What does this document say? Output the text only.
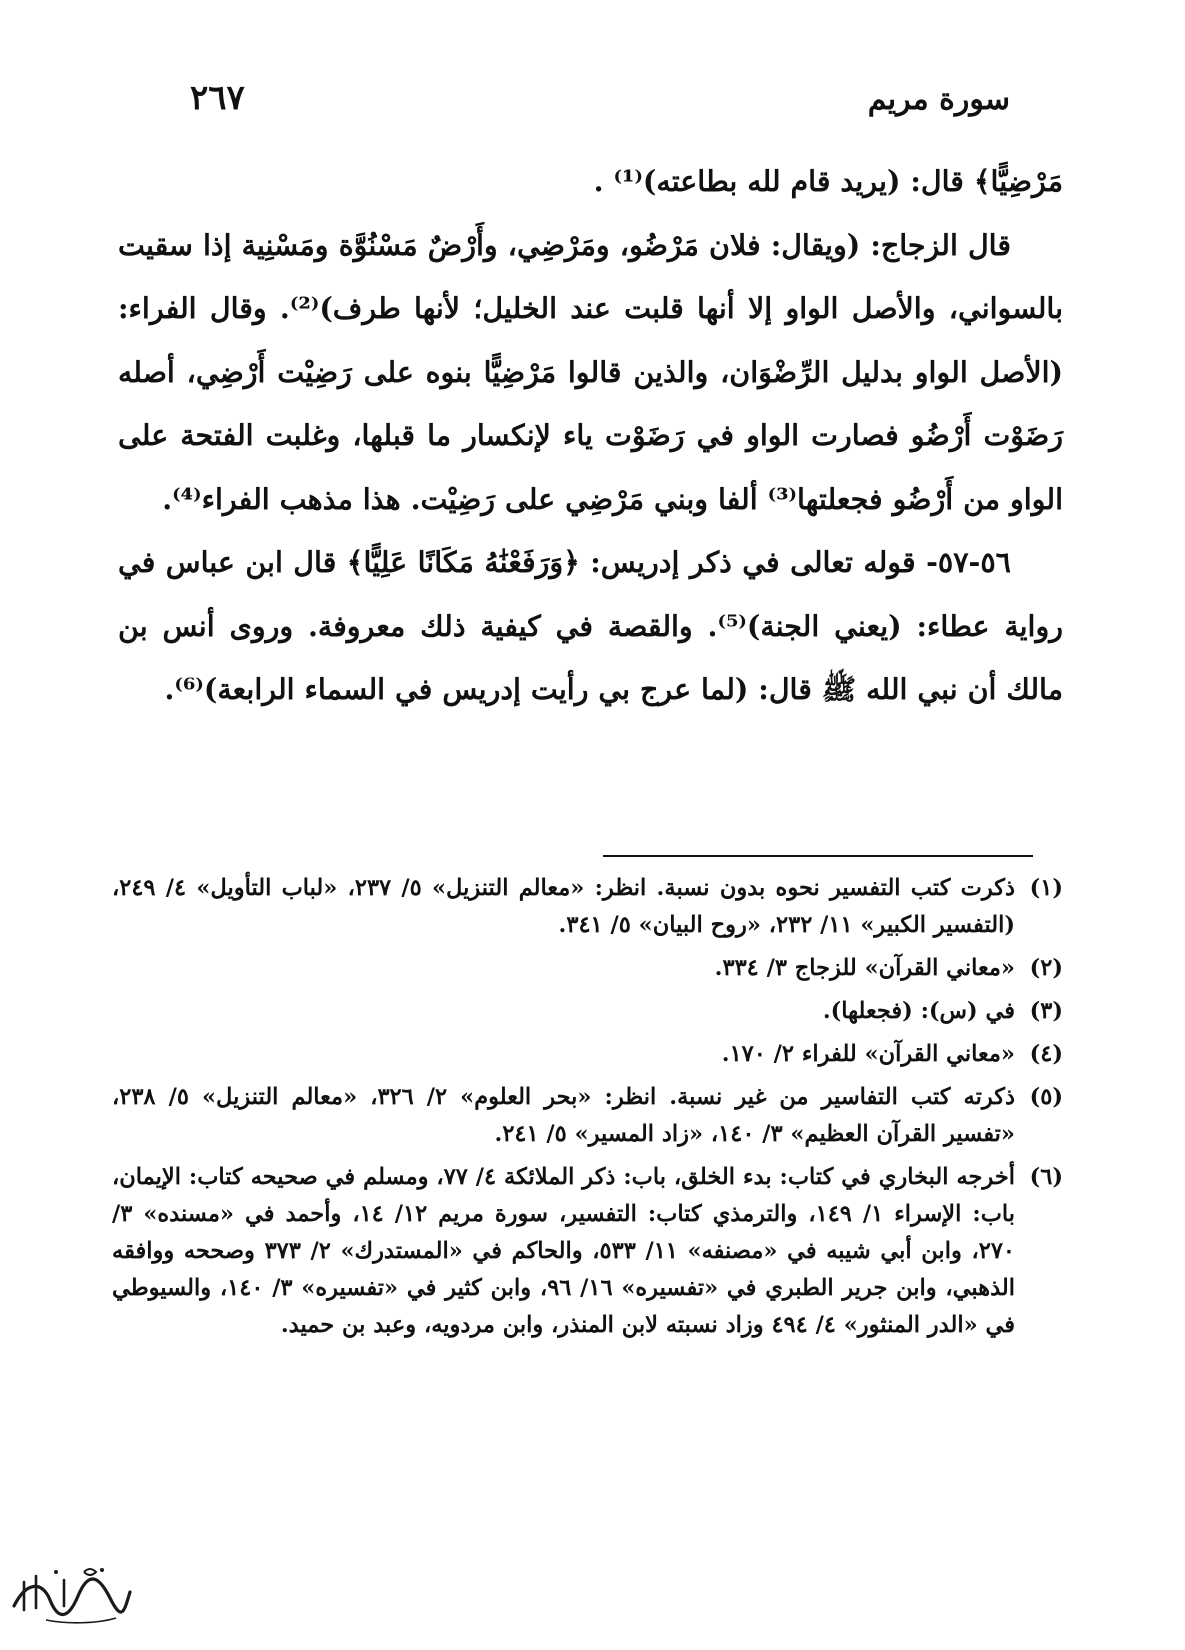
سورة مريم
٢٦٧

مَرْضِيًّا﴾ قال: (يريد قام لله بطاعته)⁽¹⁾ .

قال الزجاج: (ويقال: فلان مَرْضُو، ومَرْضِي، وأَرْضٌ مَسْنُوَّة ومَسْنِية إذا سقيت بالسواني، والأصل الواو إلا أنها قلبت عند الخليل؛ لأنها طرف)⁽²⁾. وقال الفراء: (الأصل الواو بدليل الرِّضْوَان، والذين قالوا مَرْضِيًّا بنوه على رَضِيْت أَرْضِي، أصله رَضَوْت أَرْضُو فصارت الواو في رَضَوْت ياء لإنكسار ما قبلها، وغلبت الفتحة على الواو من أَرْضُو فجعلتها⁽³⁾ ألفا وبني مَرْضِي على رَضِيْت. هذا مذهب الفراء⁽⁴⁾.

٥٦-٥٧- قوله تعالى في ذكر إدريس: ﴿وَرَفَعْنَٰهُ مَكَانًا عَلِيًّا﴾ قال ابن عباس في رواية عطاء: (يعني الجنة)⁽⁵⁾. والقصة في كيفية ذلك معروفة. وروى أنس بن مالك أن نبي الله ﷺ قال: (لما عرج بي رأيت إدريس في السماء الرابعة)⁽⁶⁾.

(١)
ذكرت كتب التفسير نحوه بدون نسبة. انظر: «معالم التنزيل» ٥/ ٢٣٧، «لباب التأويل» ٤/ ٢٤٩، (التفسير الكبير» ١١/ ٢٣٢، «روح البيان» ٥/ ٣٤١.
(٢)
«معاني القرآن» للزجاج ٣/ ٣٣٤.
(٣)
في (س): (فجعلها).
(٤)
«معاني القرآن» للفراء ٢/ ١٧٠.
(٥)
ذكرته كتب التفاسير من غير نسبة. انظر: «بحر العلوم» ٢/ ٣٢٦، «معالم التنزيل» ٥/ ٢٣٨، «تفسير القرآن العظيم» ٣/ ١٤٠، «زاد المسير» ٥/ ٢٤١.
(٦)
أخرجه البخاري في كتاب: بدء الخلق، باب: ذكر الملائكة ٤/ ٧٧، ومسلم في صحيحه كتاب: الإيمان، باب: الإسراء ١/ ١٤٩، والترمذي كتاب: التفسير، سورة مريم ١٢/ ١٤، وأحمد في «مسنده» ٣/ ٢٧٠، وابن أبي شيبه في «مصنفه» ١١/ ٥٣٣، والحاكم في «المستدرك» ٢/ ٣٧٣ وصححه ووافقه الذهبي، وابن جرير الطبري في «تفسيره» ١٦/ ٩٦، وابن كثير في «تفسيره» ٣/ ١٤٠، والسيوطي في «الدر المنثور» ٤/ ٤٩٤ وزاد نسبته لابن المنذر، وابن مردويه، وعبد بن حميد.
